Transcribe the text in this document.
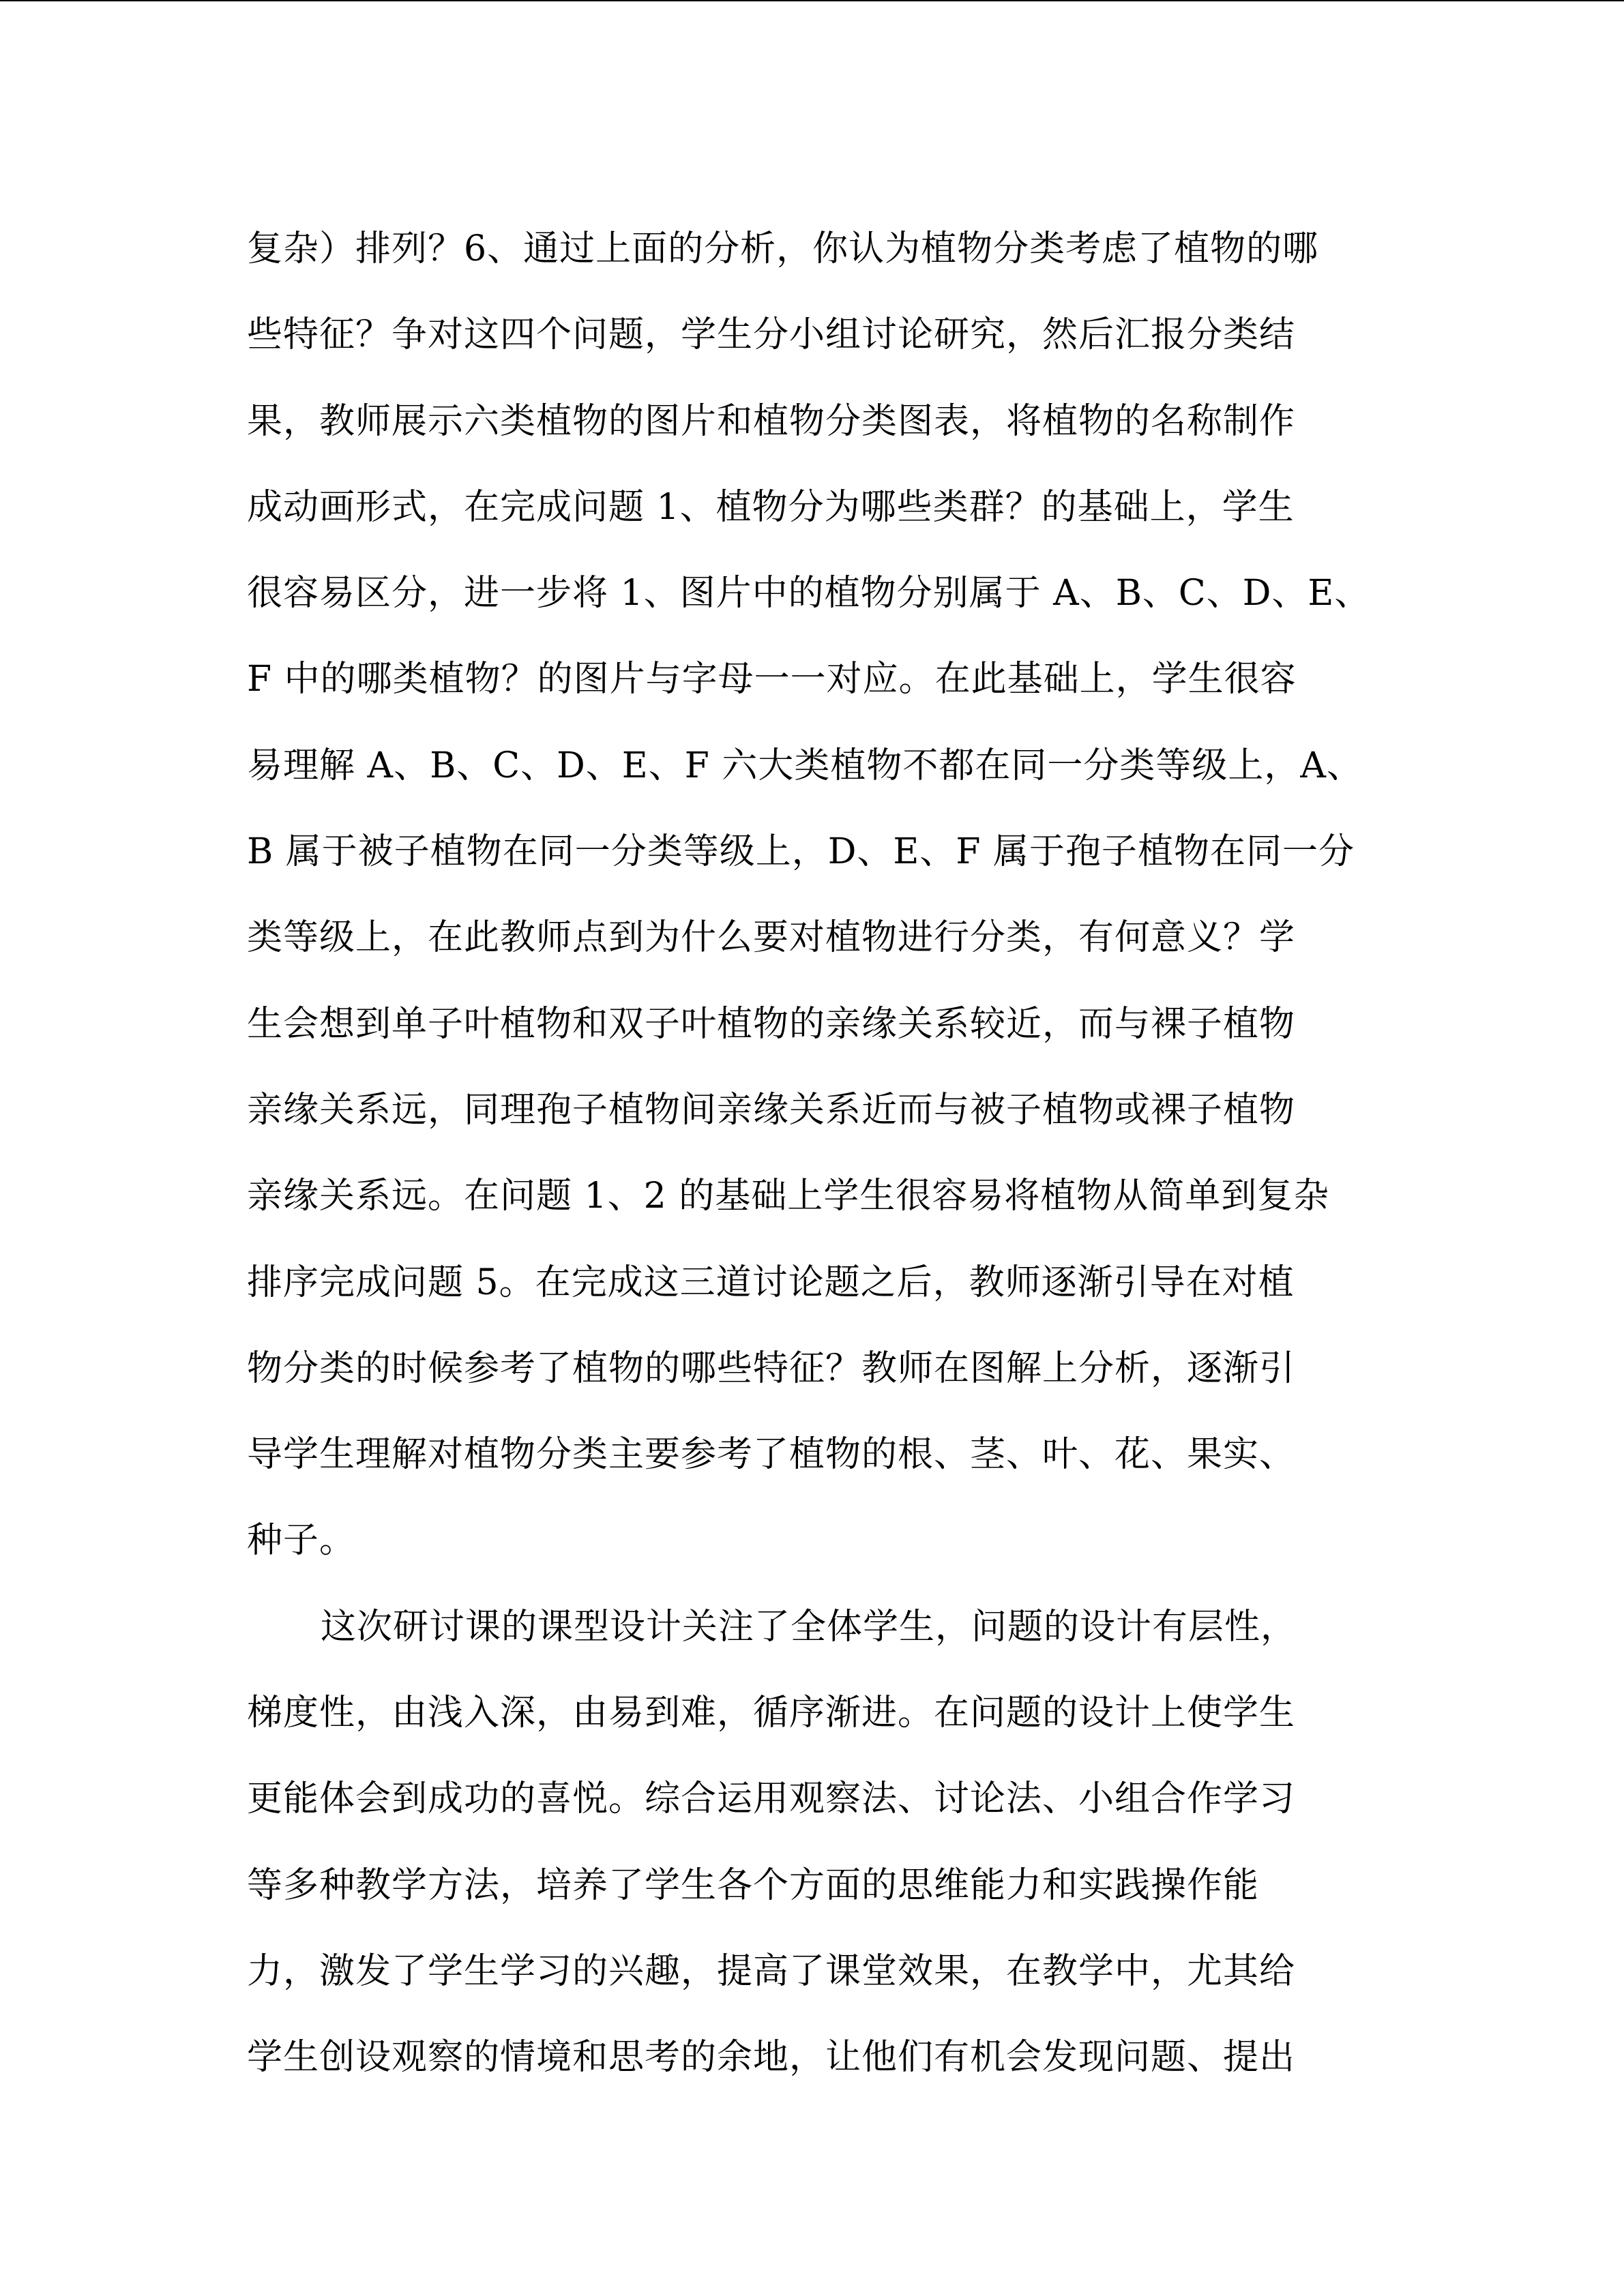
复杂）排列？6、通过上面的分析，你认为植物分类考虑了植物的哪
些特征？争对这四个问题，学生分小组讨论研究，然后汇报分类结
果，教师展示六类植物的图片和植物分类图表，将植物的名称制作
成动画形式，在完成问题 1、植物分为哪些类群？的基础上，学生
很容易区分，进一步将 1、图片中的植物分别属于 A、B、C、D、E、
F 中的哪类植物？的图片与字母一一对应。在此基础上，学生很容
易理解 A、B、C、D、E、F 六大类植物不都在同一分类等级上，A、
B 属于被子植物在同一分类等级上，D、E、F 属于孢子植物在同一分
类等级上，在此教师点到为什么要对植物进行分类，有何意义？学
生会想到单子叶植物和双子叶植物的亲缘关系较近，而与裸子植物
亲缘关系远，同理孢子植物间亲缘关系近而与被子植物或裸子植物
亲缘关系远。在问题 1、2 的基础上学生很容易将植物从简单到复杂
排序完成问题 5。在完成这三道讨论题之后，教师逐渐引导在对植
物分类的时候参考了植物的哪些特征？教师在图解上分析，逐渐引
导学生理解对植物分类主要参考了植物的根、茎、叶、花、果实、
种子。
这次研讨课的课型设计关注了全体学生，问题的设计有层性，
梯度性，由浅入深，由易到难，循序渐进。在问题的设计上使学生
更能体会到成功的喜悦。综合运用观察法、讨论法、小组合作学习
等多种教学方法，培养了学生各个方面的思维能力和实践操作能
力，激发了学生学习的兴趣，提高了课堂效果，在教学中，尤其给
学生创设观察的情境和思考的余地，让他们有机会发现问题、提出
